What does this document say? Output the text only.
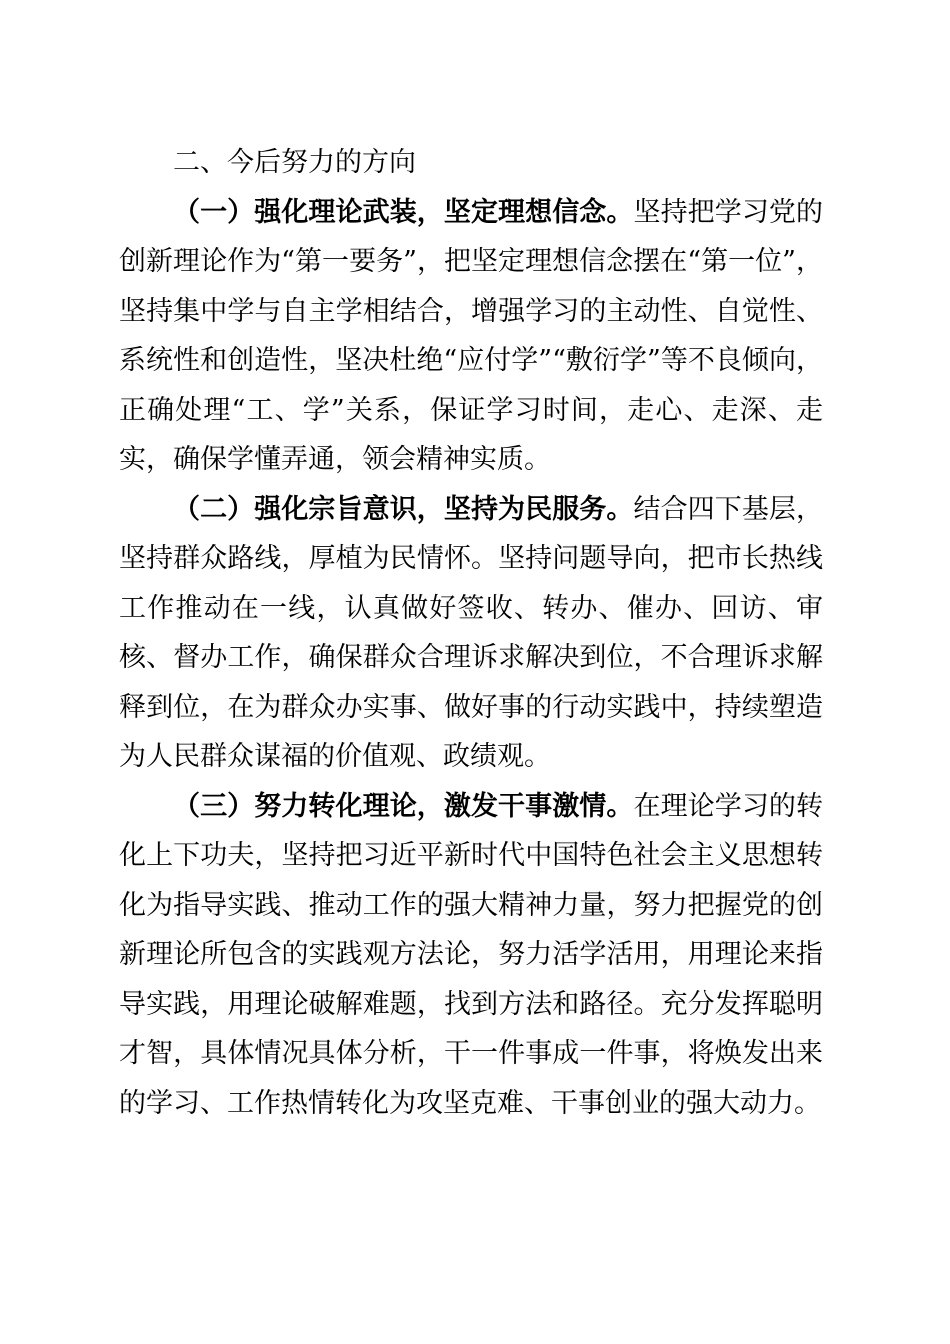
二、今后努力的方向

（一）强化理论武装，坚定理想信念。坚持把学习党的创新理论作为“第一要务”，把坚定理想信念摆在“第一位”，坚持集中学与自主学相结合，增强学习的主动性、自觉性、系统性和创造性，坚决杜绝“应付学”“敷衍学”等不良倾向，正确处理“工、学”关系，保证学习时间，走心、走深、走实，确保学懂弄通，领会精神实质。

（二）强化宗旨意识，坚持为民服务。结合四下基层，坚持群众路线，厚植为民情怀。坚持问题导向，把市长热线工作推动在一线，认真做好签收、转办、催办、回访、审核、督办工作，确保群众合理诉求解决到位，不合理诉求解释到位，在为群众办实事、做好事的行动实践中，持续塑造为人民群众谋福的价值观、政绩观。

（三）努力转化理论，激发干事激情。在理论学习的转化上下功夫，坚持把习近平新时代中国特色社会主义思想转化为指导实践、推动工作的强大精神力量，努力把握党的创新理论所包含的实践观方法论，努力活学活用，用理论来指导实践，用理论破解难题，找到方法和路径。充分发挥聪明才智，具体情况具体分析，干一件事成一件事，将焕发出来的学习、工作热情转化为攻坚克难、干事创业的强大动力。
